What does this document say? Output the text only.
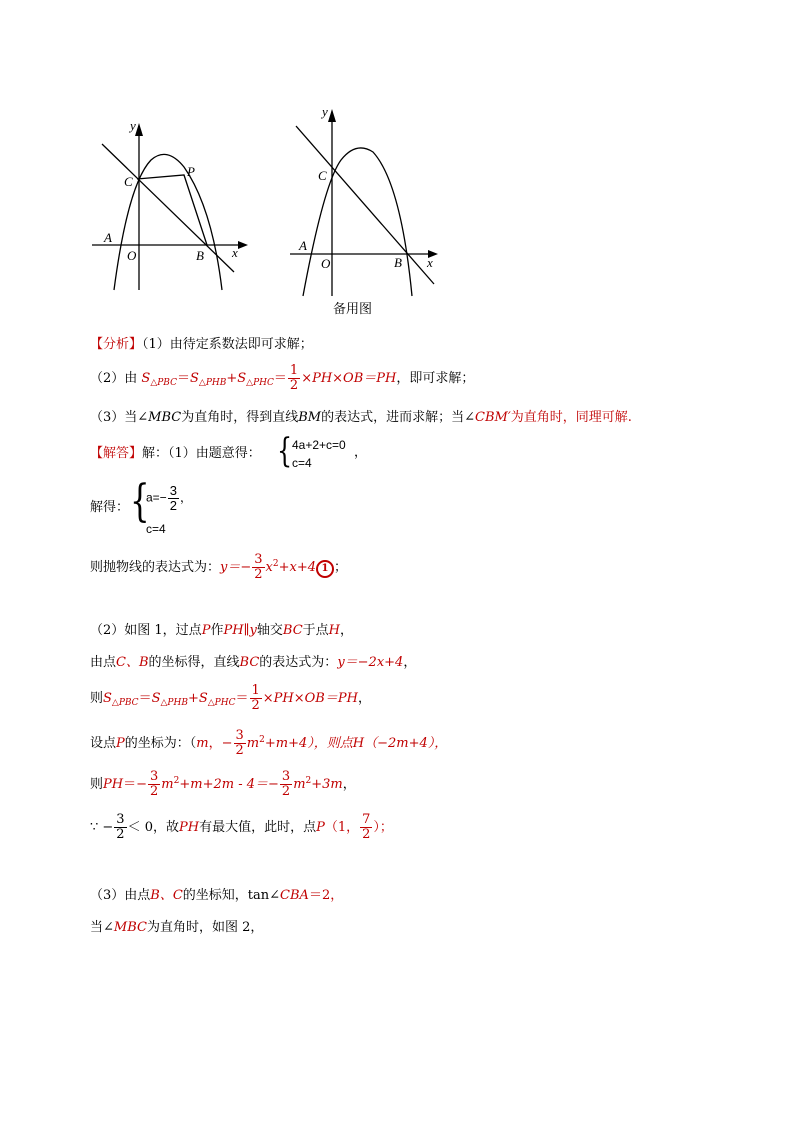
y
x
A
B
C
O
P
y
x
A
B
C
O
备用图
【分析】（1）由待定系数法即可求解；
（2）由 $S_{\triangle PBC}=S_{\triangle PHB}+S_{\triangle PHC}= \frac{1}{2} \times PH\times OB=PH$，即可求解；
（3）当∠MBC为直角时，得到直线BM的表达式，进而求解；当∠CBM′为直角时，同理可解.
【解答】解：（1）由题意得： { 4a+2+c=0
c=4
，
解得： {
$a=- \frac{3}{2}$ ，
c=4
则抛物线的表达式为：$y=- \frac{3}{2} x^2+x+4$ 1 ；
（2）如图 1，过点P作PH∥y轴交BC于点H，
由点C、B的坐标得，直线BC的表达式为：y＝−2x+4，
则$S_{\triangle PBC}=S_{\triangle PHB}+S_{\triangle PHC}= \frac{1}{2} \times PH\times OB=PH$，
设点P的坐标为：（m，− $\frac{3}{2} m^2+m+4$），则点H（−2m+4），
则$PH=- \frac{3}{2} m^2+m+2m - 4=- \frac{3}{2} m^2+3m$，
∵ − $\frac{3}{2} < 0$，故PH有最大值，此时，点P（1， $\frac{7}{2}$ ）；
（3）由点B、C的坐标知，tan∠CBA＝2，
当∠MBC为直角时，如图 2，
